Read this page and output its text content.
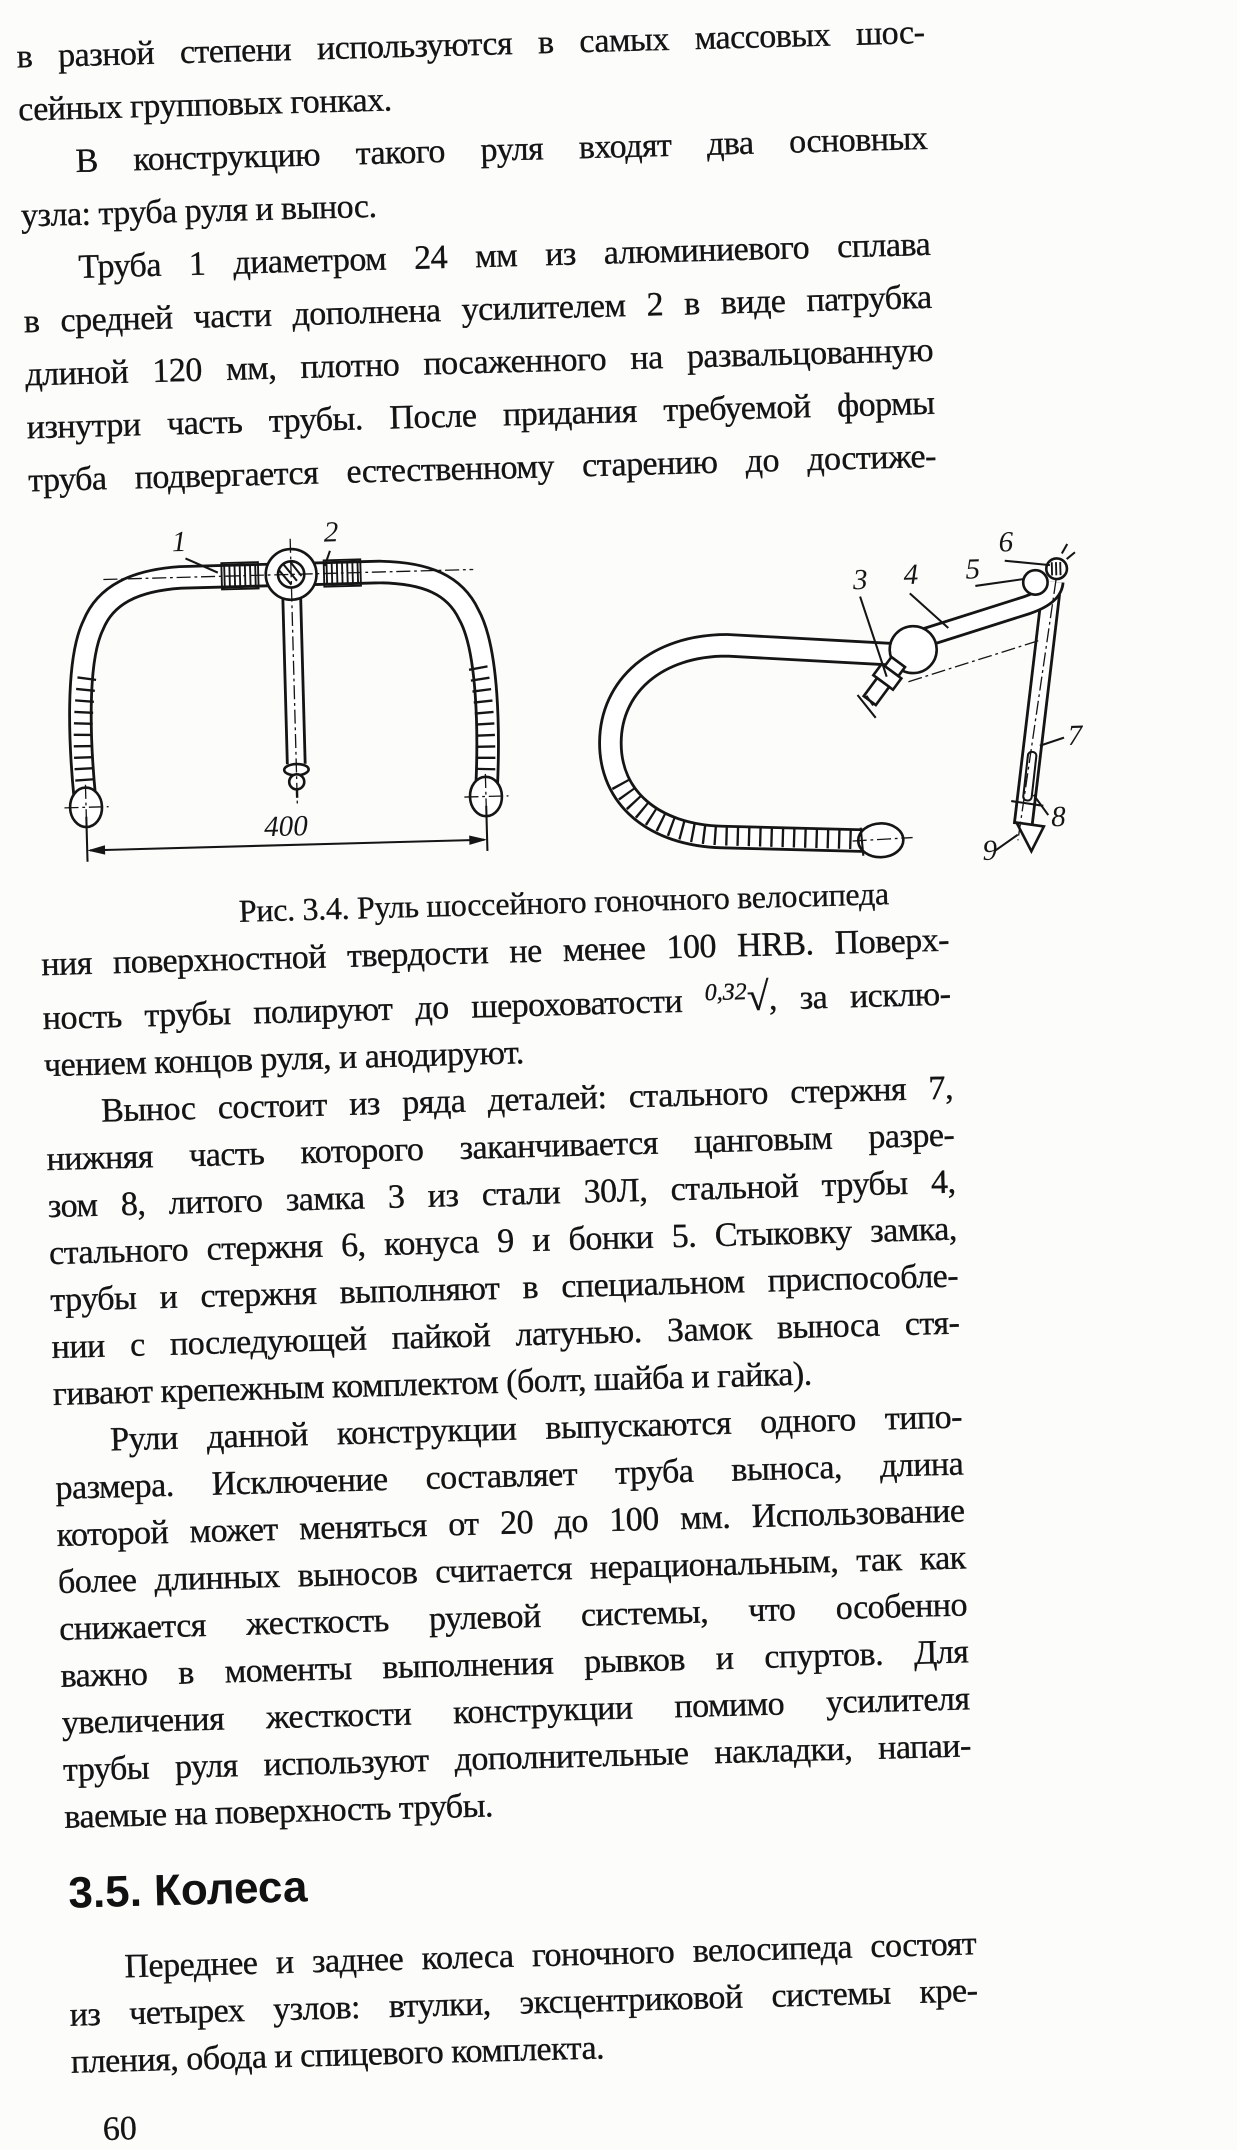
в разной степени используются в самых массовых шос-
сейных групповых гонках.
В конструкцию такого руля входят два основных
узла: труба руля и вынос.
Труба 1 диаметром 24 мм из алюминиевого сплава
в средней части дополнена усилителем 2 в виде патрубка
длиной 120 мм, плотно посаженного на развальцованную
изнутри часть трубы. После придания требуемой формы
труба подвергается естественному старению до достиже-
1	2
400
3 4 5
6
7
8
9
Рис. 3.4. Руль шоссейного гоночного велосипеда
ния поверхностной твердости не менее 100 HRB. Поверх-
ность трубы полируют до шероховатости $^{0,32}$√, за исклю-
чением концов руля, и анодируют.
Вынос состоит из ряда деталей: стального стержня 7,
нижняя часть которого заканчивается цанговым разре-
зом 8, литого замка 3 из стали 30Л, стальной трубы 4,
стального стержня 6, конуса 9 и бонки 5. Стыковку замка,
трубы и стержня выполняют в специальном приспособле-
нии с последующей пайкой латунью. Замок выноса стя-
гивают крепежным комплектом (болт, шайба и гайка).
Рули данной конструкции выпускаются одного типо-
размера. Исключение составляет труба выноса, длина
которой может меняться от 20 до 100 мм. Использование
более длинных выносов считается нерациональным, так как
снижается жесткость рулевой системы, что особенно
важно в моменты выполнения рывков и спуртов. Для
увеличения жесткости конструкции помимо усилителя
трубы руля используют дополнительные накладки, напаи-
ваемые на поверхность трубы.
3.5. Колеса
Переднее и заднее колеса гоночного велосипеда состоят
из четырех узлов: втулки, эксцентриковой системы кре-
пления, обода и спицевого комплекта.
60
